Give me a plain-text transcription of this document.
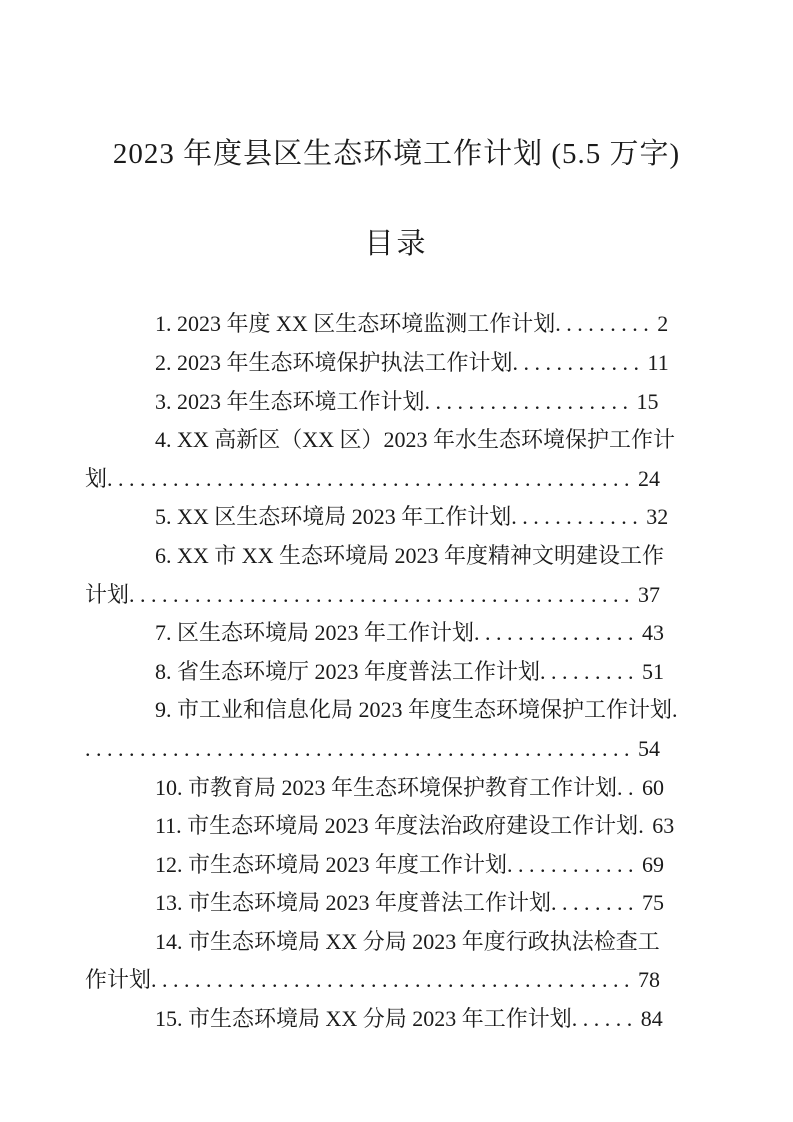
2023 年度县区生态环境工作计划 (5.5 万字)
目录

1. 2023 年度 XX 区生态环境监测工作计划. . . . . . . . . 2

2. 2023 年生态环境保护执法工作计划. . . . . . . . . . . . 11

3. 2023 年生态环境工作计划. . . . . . . . . . . . . . . . . . . 15

4. XX 高新区（XX 区）2023 年水生态环境保护工作计划. . . . . . . . . . . . . . . . . . . . . . . . . . . . . . . . . . . . . . . . . . . . . . . . 24

5. XX 区生态环境局 2023 年工作计划. . . . . . . . . . . . 32

6. XX 市 XX 生态环境局 2023 年度精神文明建设工作计划. . . . . . . . . . . . . . . . . . . . . . . . . . . . . . . . . . . . . . . . . . . . . . 37

7. 区生态环境局 2023 年工作计划. . . . . . . . . . . . . . . 43

8. 省生态环境厅 2023 年度普法工作计划. . . . . . . . . 51

9. 市工业和信息化局 2023 年度生态环境保护工作计划. . . . . . . . . . . . . . . . . . . . . . . . . . . . . . . . . . . . . . . . . . . . . . . . . . . 54

10. 市教育局 2023 年生态环境保护教育工作计划. . 60

11. 市生态环境局 2023 年度法治政府建设工作计划. 63

12. 市生态环境局 2023 年度工作计划. . . . . . . . . . . . 69

13. 市生态环境局 2023 年度普法工作计划. . . . . . . . 75

14. 市生态环境局 XX 分局 2023 年度行政执法检查工作计划. . . . . . . . . . . . . . . . . . . . . . . . . . . . . . . . . . . . . . . . . . . . 78

15. 市生态环境局 XX 分局 2023 年工作计划. . . . . . 84
